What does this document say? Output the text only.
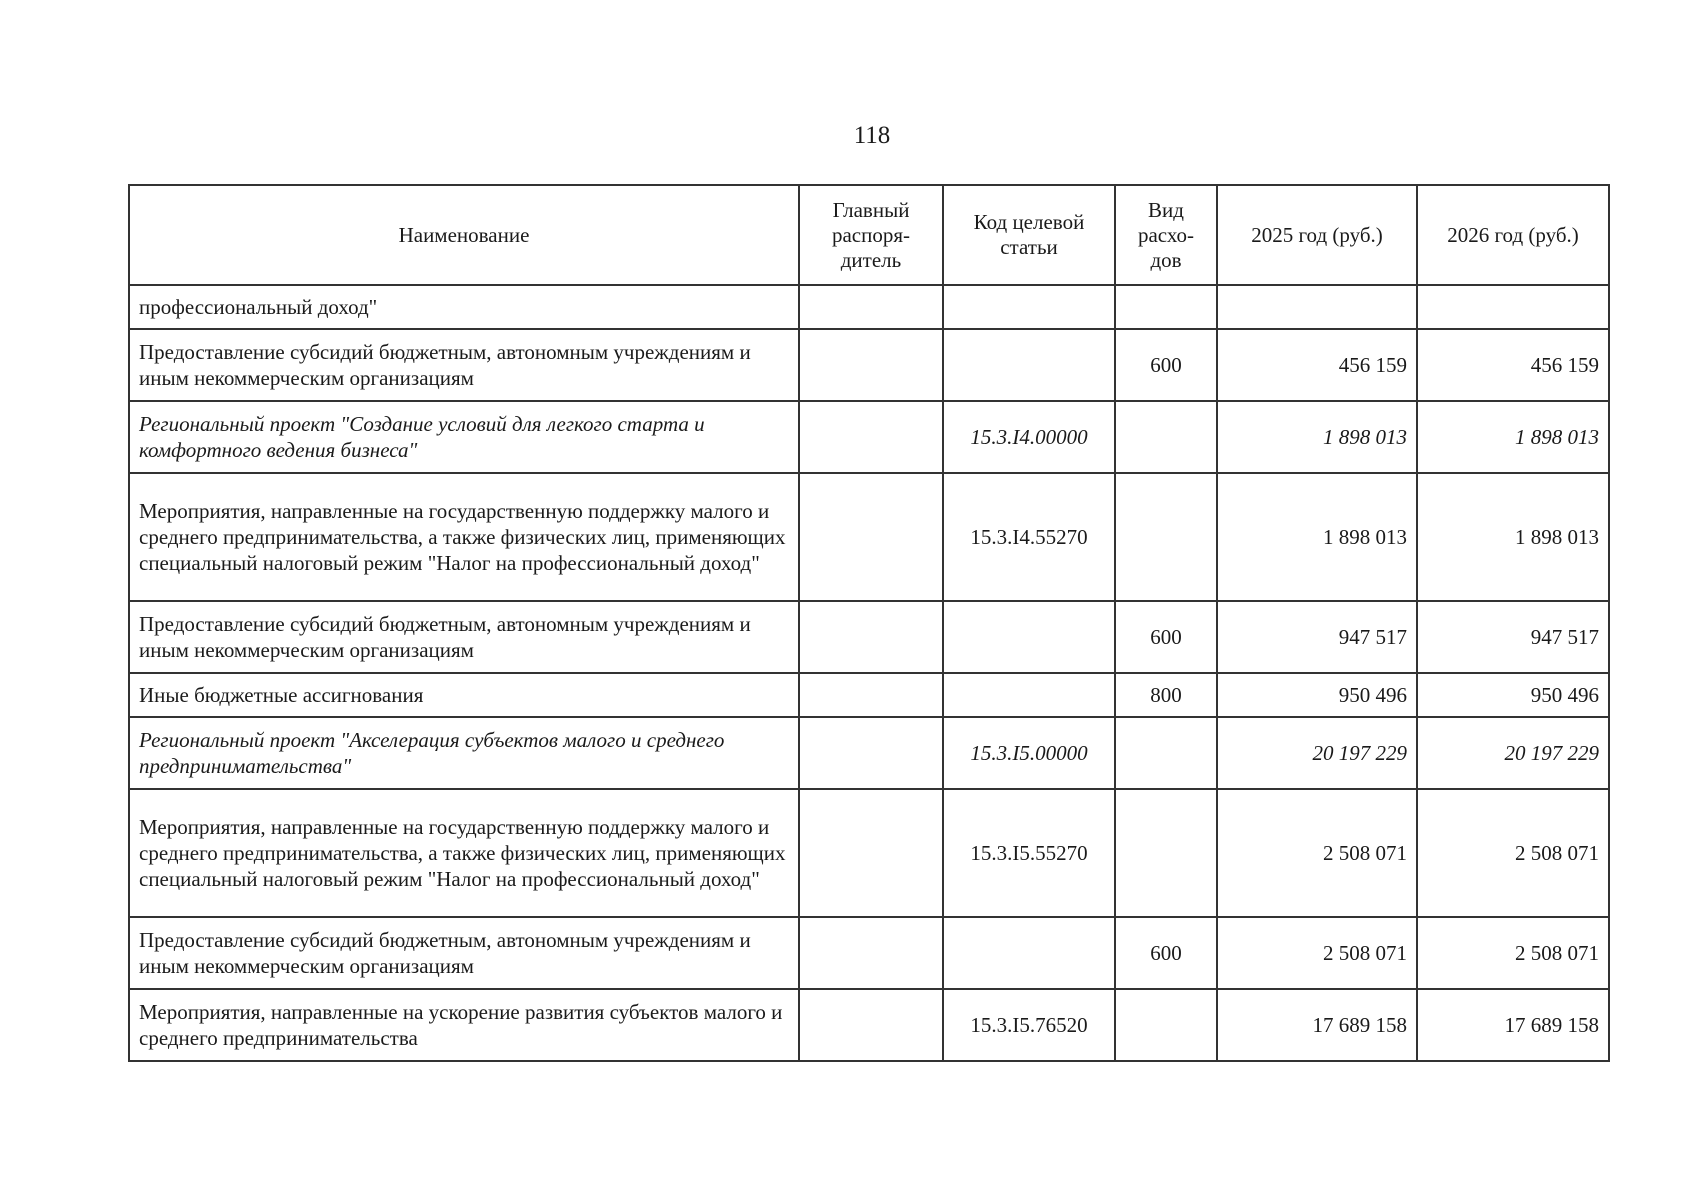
118
Наименование	Главный распоря-дитель	Код целевой статьи	Вид расхо-дов	2025 год (руб.)	2026 год (руб.)
профессиональный доход"					
Предоставление субсидий бюджетным, автономным учреждениям и иным некоммерческим организациям			600	456 159	456 159
Региональный проект "Создание условий для легкого старта и комфортного ведения бизнеса"		15.3.I4.00000		1 898 013	1 898 013
Мероприятия, направленные на государственную поддержку малого и среднего предпринимательства, а также физических лиц, применяющих специальный налоговый режим "Налог на профессиональный доход"		15.3.I4.55270		1 898 013	1 898 013
Предоставление субсидий бюджетным, автономным учреждениям и иным некоммерческим организациям			600	947 517	947 517
Иные бюджетные ассигнования			800	950 496	950 496
Региональный проект "Акселерация субъектов малого и среднего предпринимательства"		15.3.I5.00000		20 197 229	20 197 229
Мероприятия, направленные на государственную поддержку малого и среднего предпринимательства, а также физических лиц, применяющих специальный налоговый режим "Налог на профессиональный доход"		15.3.I5.55270		2 508 071	2 508 071
Предоставление субсидий бюджетным, автономным учреждениям и иным некоммерческим организациям			600	2 508 071	2 508 071
Мероприятия, направленные на ускорение развития субъектов малого и среднего предпринимательства		15.3.I5.76520		17 689 158	17 689 158
